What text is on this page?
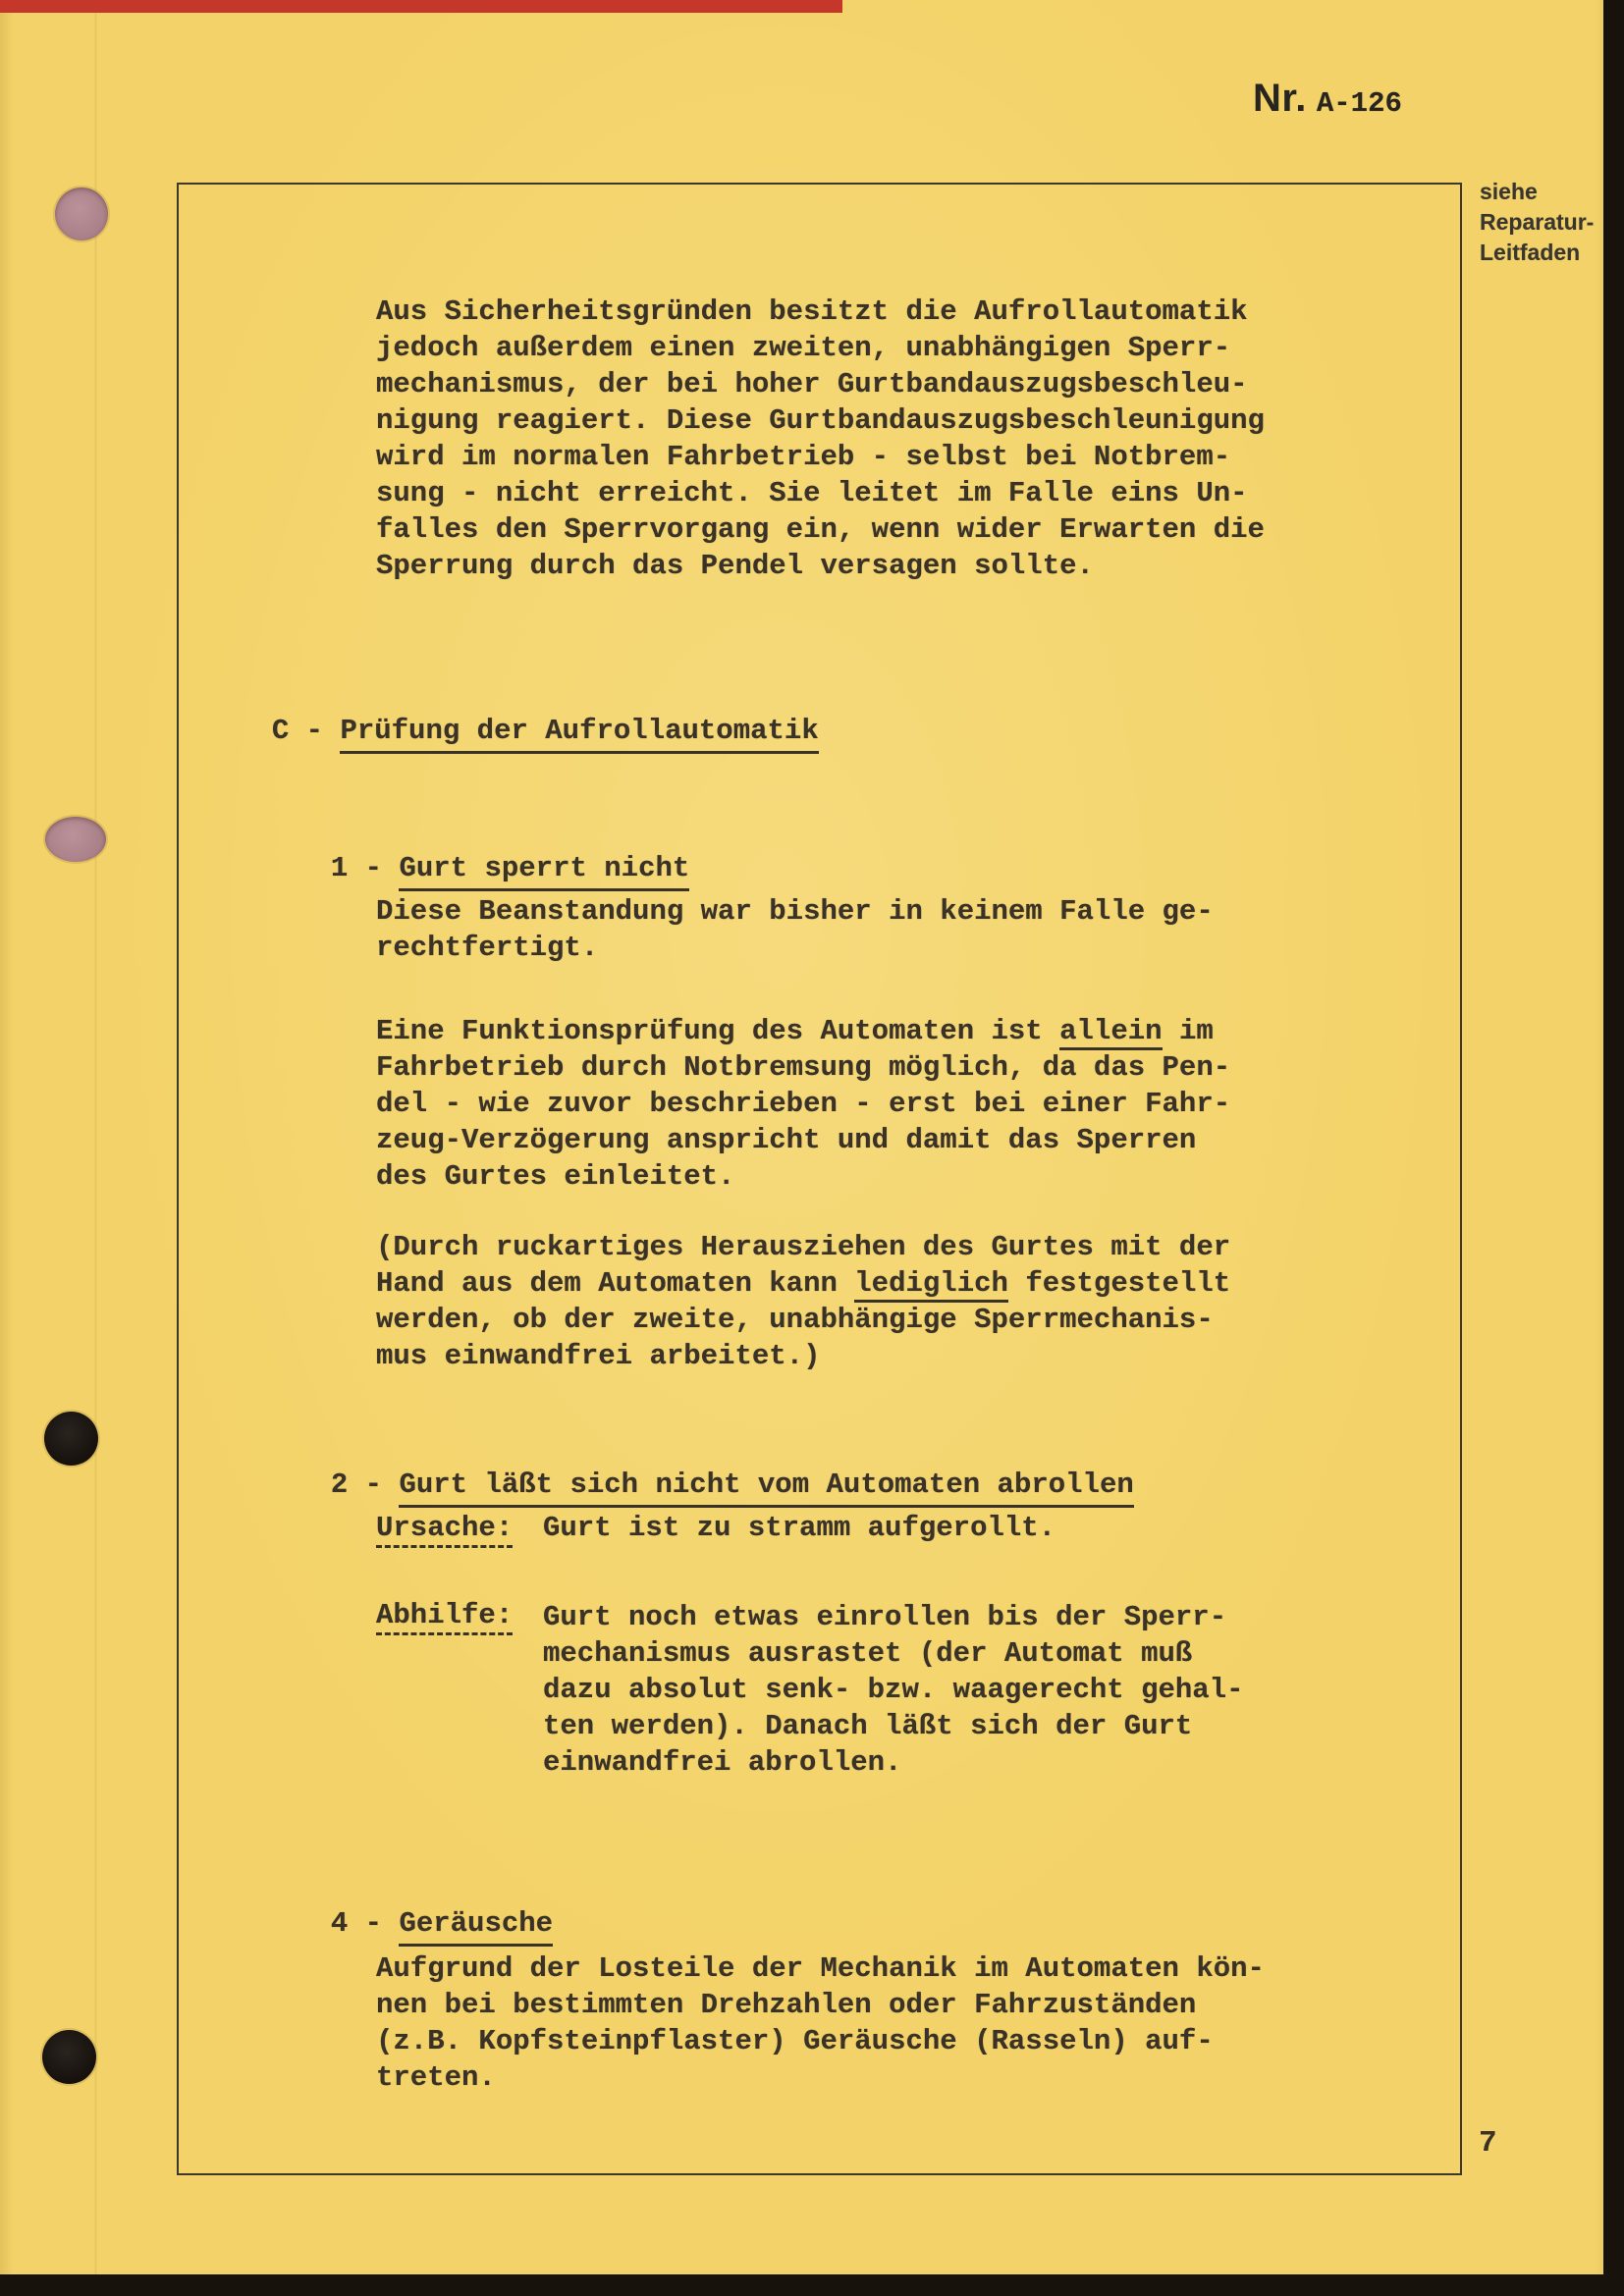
Nr. A-126
siehe
Reparatur-
Leitfaden
Aus Sicherheitsgründen besitzt die Aufrollautomatik
jedoch außerdem einen zweiten, unabhängigen Sperr-
mechanismus, der bei hoher Gurtbandauszugsbeschleu-
nigung reagiert. Diese Gurtbandauszugsbeschleunigung
wird im normalen Fahrbetrieb - selbst bei Notbrem-
sung - nicht erreicht. Sie leitet im Falle eins Un-
falles den Sperrvorgang ein, wenn wider Erwarten die
Sperrung durch das Pendel versagen sollte.

C - Prüfung der Aufrollautomatik

1 - Gurt sperrt nicht

Diese Beanstandung war bisher in keinem Falle ge-
rechtfertigt.
Eine Funktionsprüfung des Automaten ist allein im
Fahrbetrieb durch Notbremsung möglich, da das Pen-
del - wie zuvor beschrieben - erst bei einer Fahr-
zeug-Verzögerung anspricht und damit das Sperren
des Gurtes einleitet.
(Durch ruckartiges Herausziehen des Gurtes mit der
Hand aus dem Automaten kann lediglich festgestellt
werden, ob der zweite, unabhängige Sperrmechanis-
mus einwandfrei arbeitet.)

2 - Gurt läßt sich nicht vom Automaten abrollen

Ursache:

Gurt ist zu stramm aufgerollt.

Abhilfe:

Gurt noch etwas einrollen bis der Sperr-
mechanismus ausrastet (der Automat muß
dazu absolut senk- bzw. waagerecht gehal-
ten werden). Danach läßt sich der Gurt
einwandfrei abrollen.

4 - Geräusche

Aufgrund der Losteile der Mechanik im Automaten kön-
nen bei bestimmten Drehzahlen oder Fahrzuständen
(z.B. Kopfsteinpflaster) Geräusche (Rasseln) auf-
treten.
7
